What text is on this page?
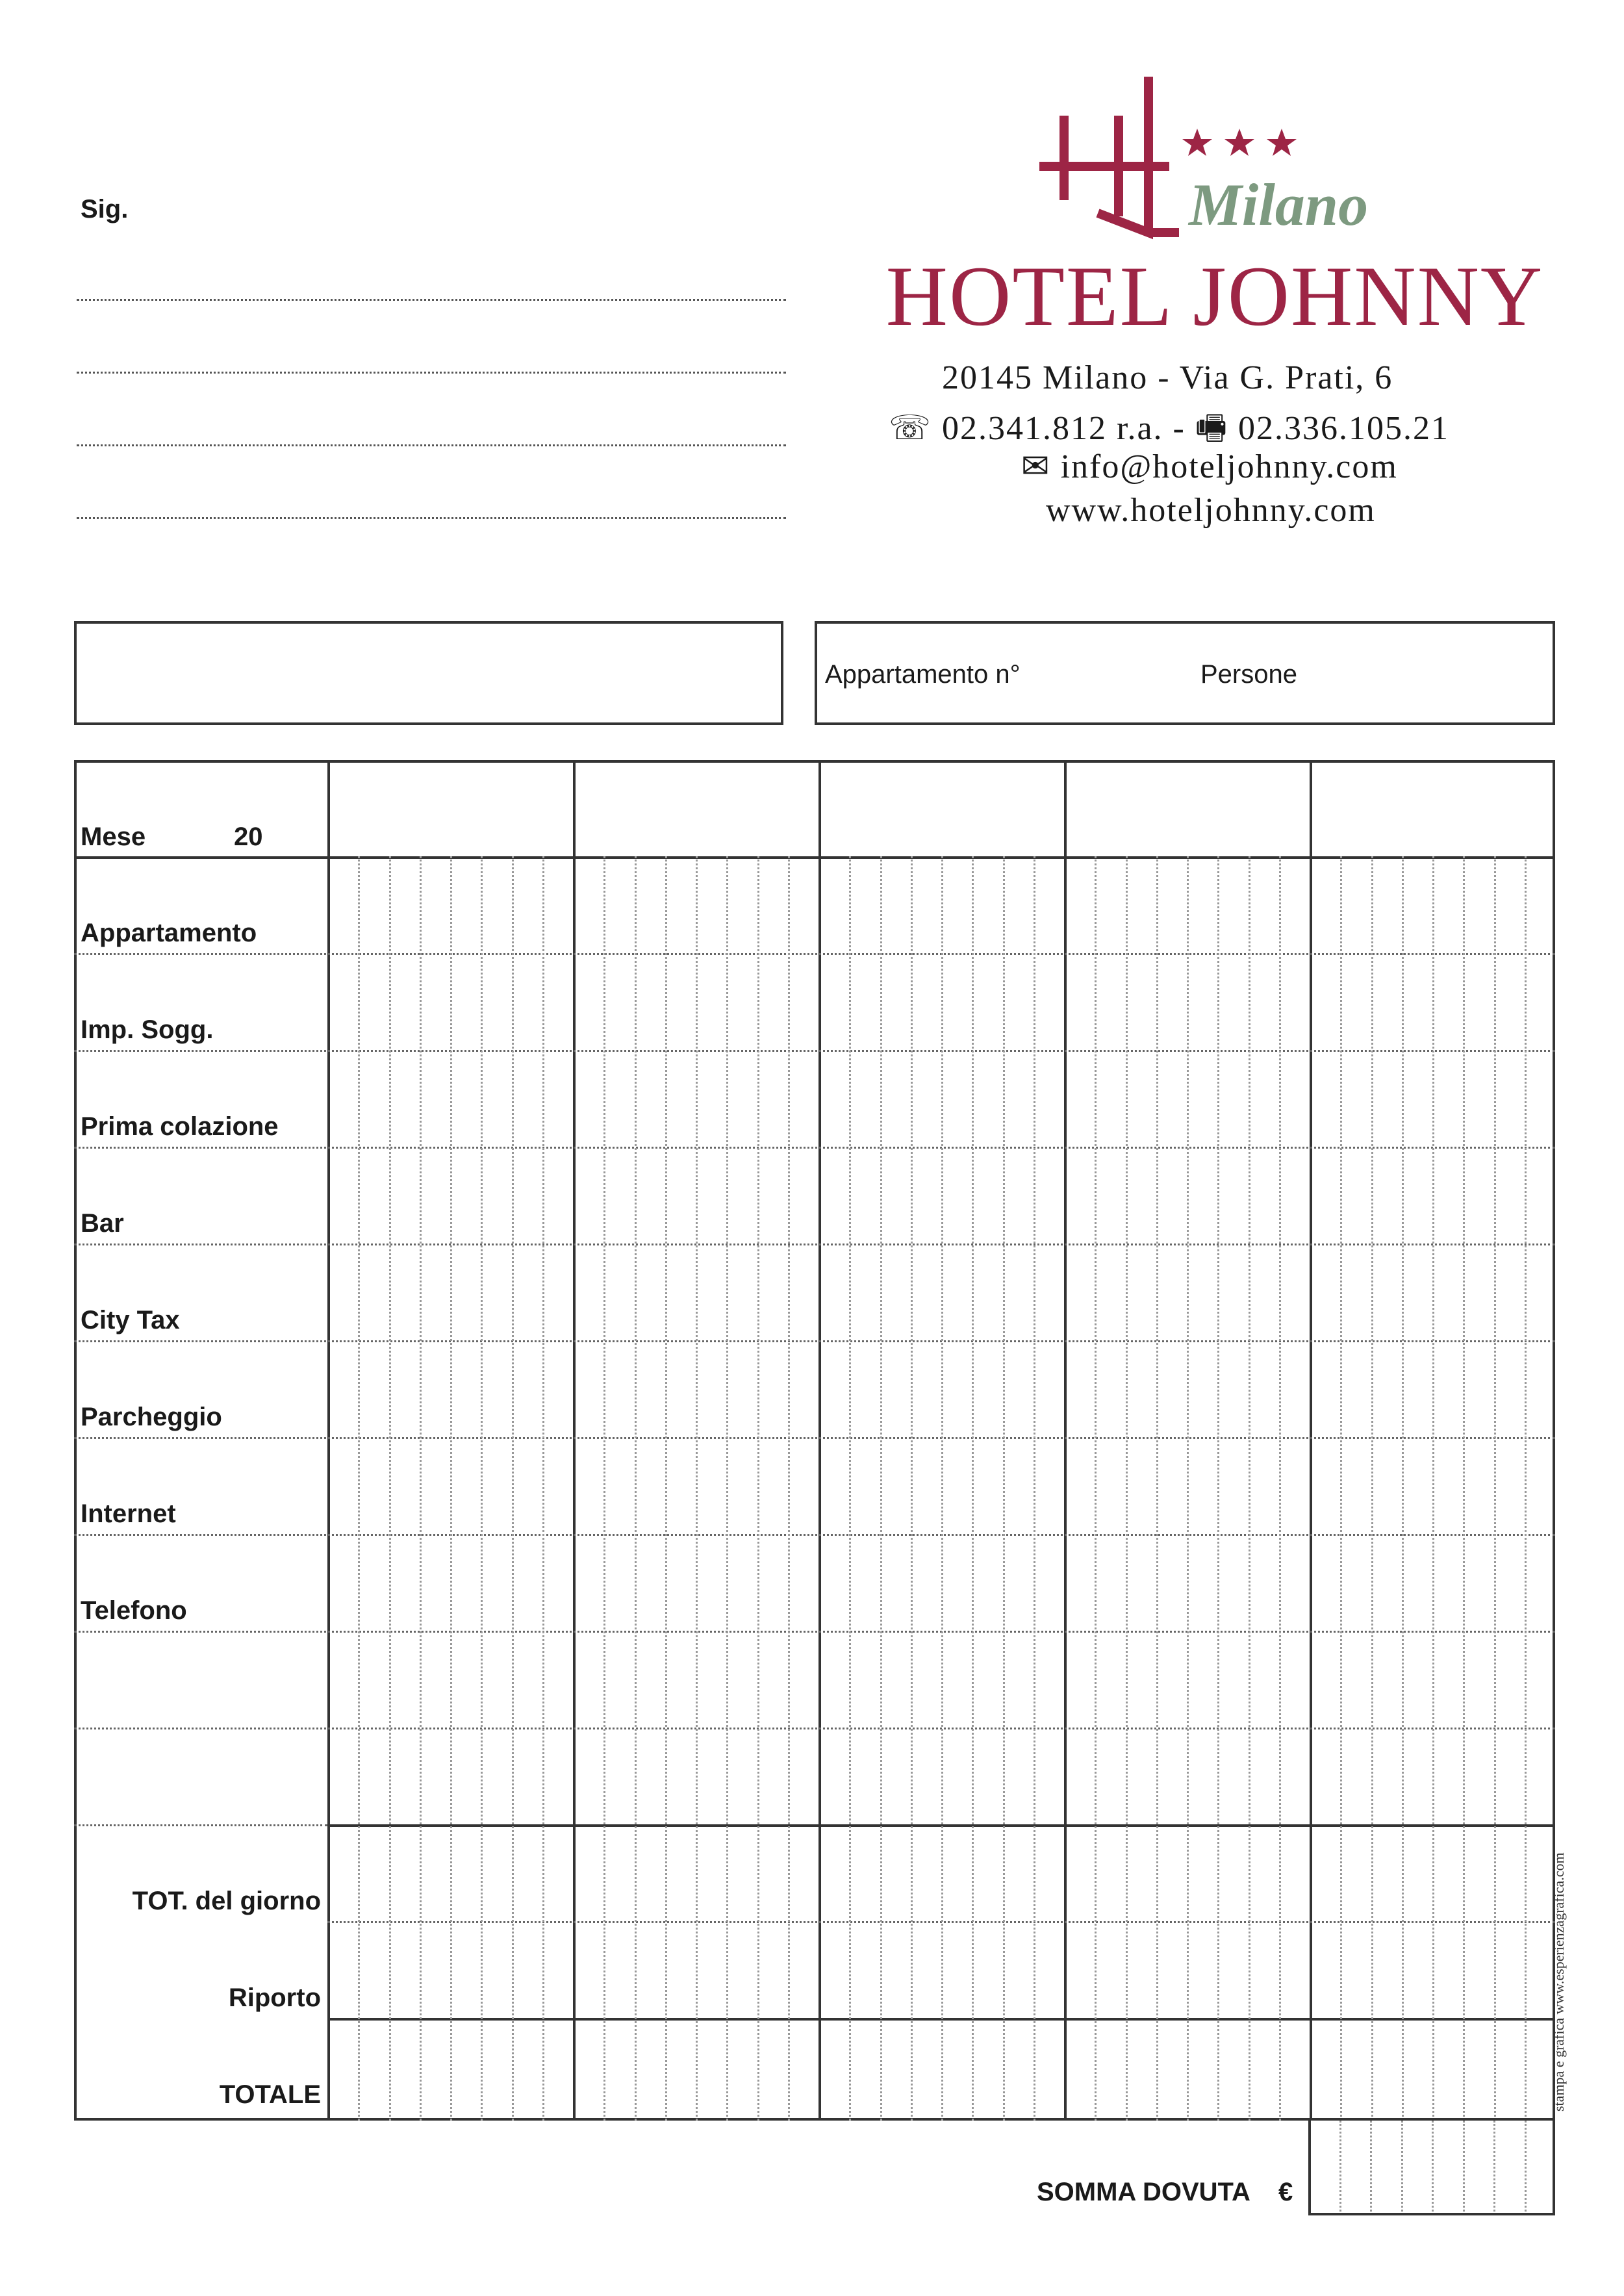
Sig.	Milano
HOTEL JOHNNY
20145 Milano - Via G. Prati, 6
☏ 02.341.812 r.a. - 🖷 02.336.105.21
✉ info@hoteljohnny.com
www.hoteljohnny.com
Appartamento n°	Persone
Mese	20
Appartamento
Imp. Sogg.
Prima colazione
Bar
City Tax
Parcheggio
Internet
Telefono
TOT. del giorno
Riporto
TOTALE
SOMMA DOVUTA €
stampa e grafica www.esperienzagrafica.com
